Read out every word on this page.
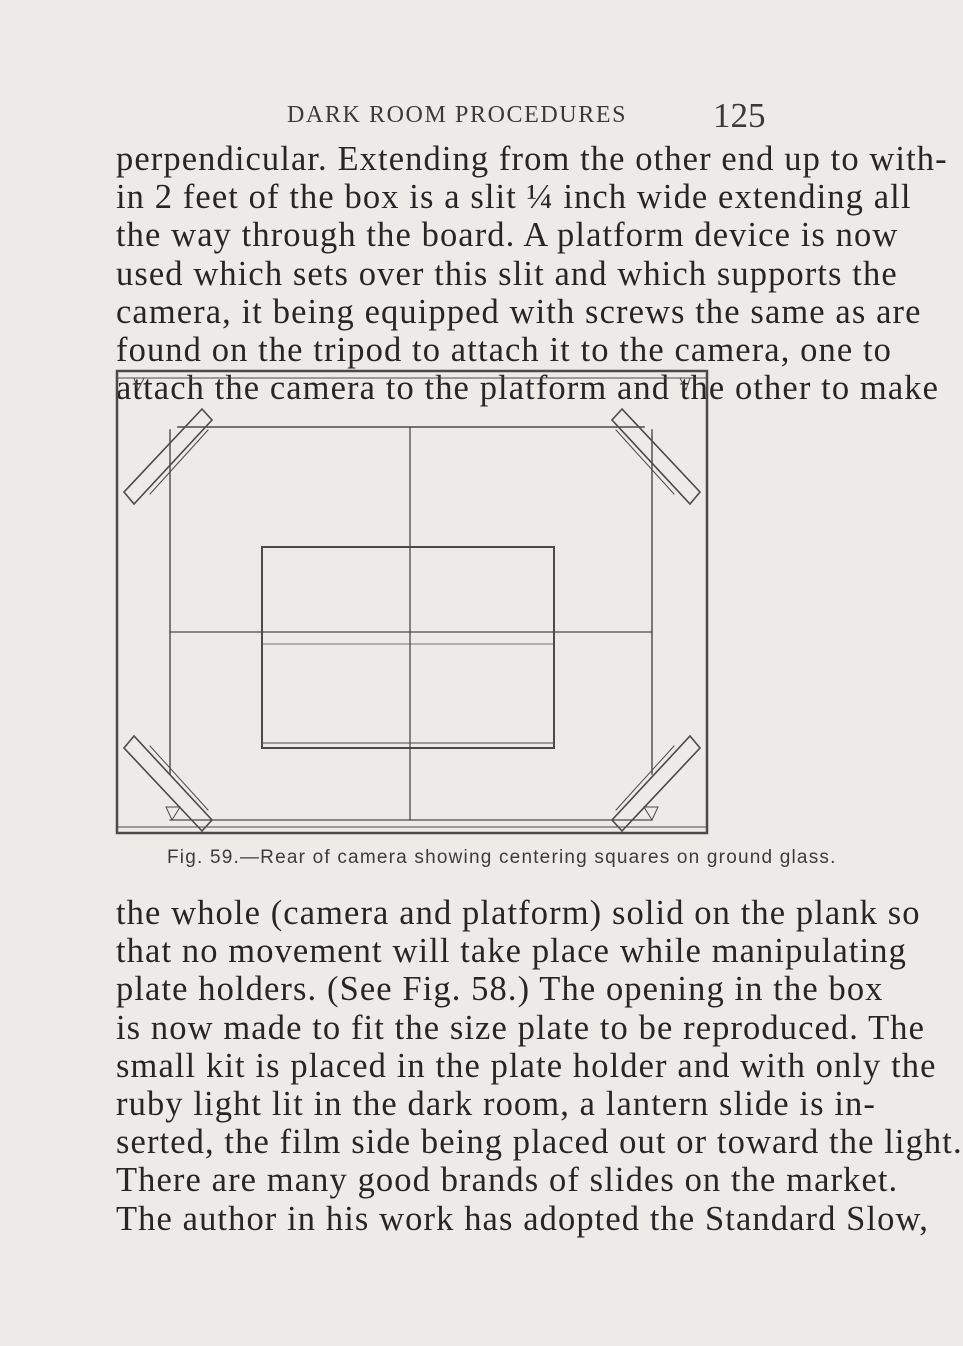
DARK ROOM PROCEDURES 125
perpendicular. Extending from the other end up to with-
in 2 feet of the box is a slit ¼ inch wide extending all
the way through the board. A platform device is now
used which sets over this slit and which supports the
camera, it being equipped with screws the same as are
found on the tripod to attach it to the camera, one to
attach the camera to the platform and the other to make
Fig. 59.—Rear of camera showing centering squares on ground glass.
the whole (camera and platform) solid on the plank so
that no movement will take place while manipulating
plate holders. (See Fig. 58.) The opening in the box
is now made to fit the size plate to be reproduced. The
small kit is placed in the plate holder and with only the
ruby light lit in the dark room, a lantern slide is in-
serted, the film side being placed out or toward the light.
There are many good brands of slides on the market.
The author in his work has adopted the Standard Slow,
